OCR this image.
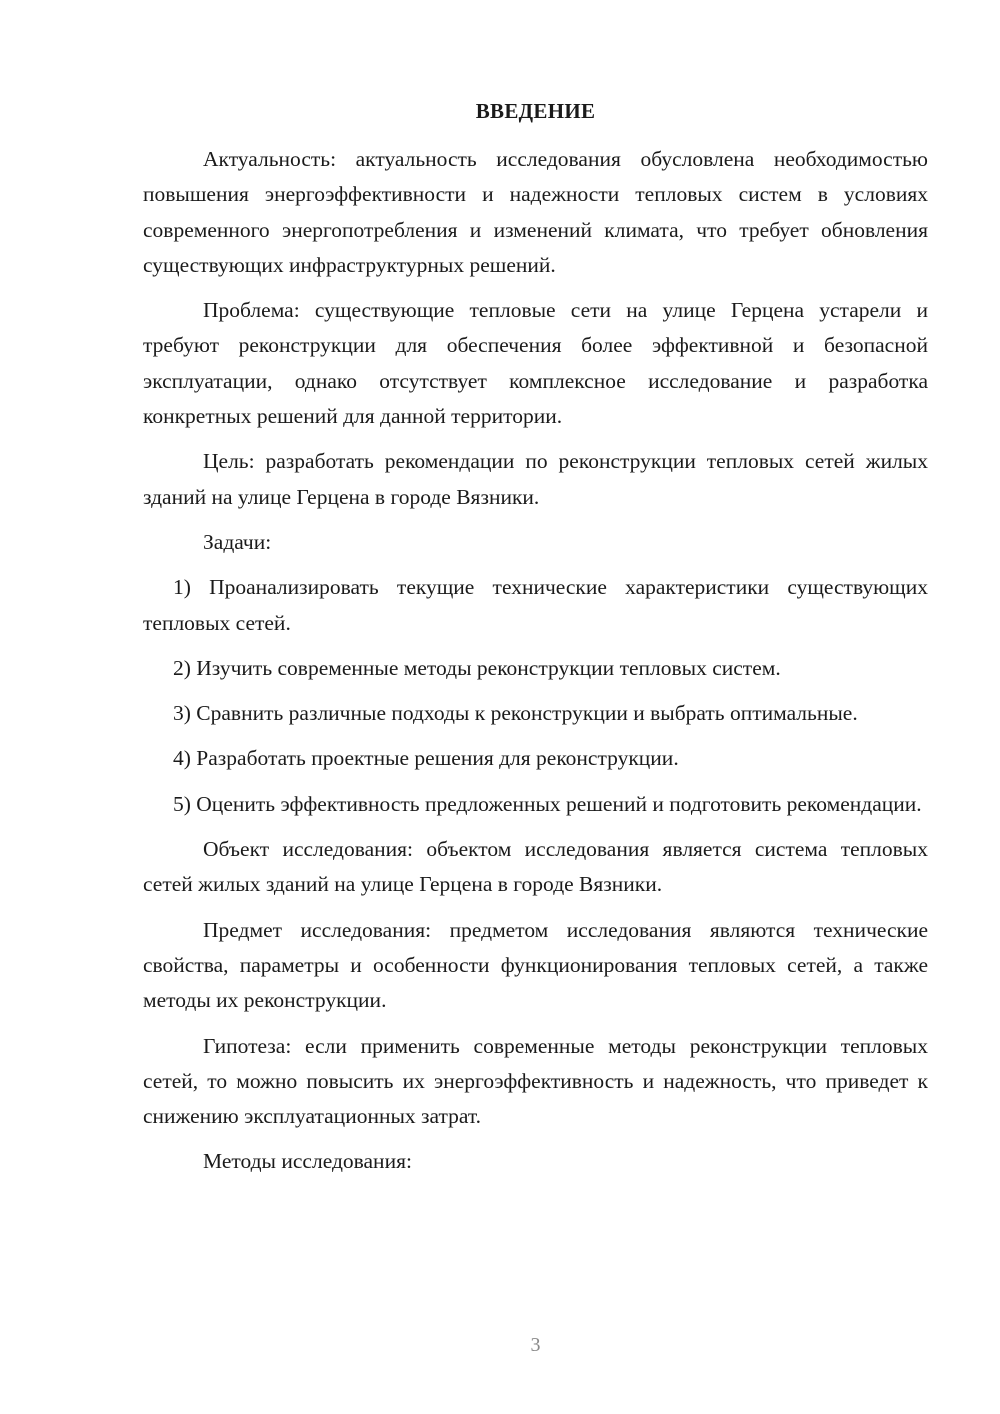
ВВЕДЕНИЕ

Актуальность: актуальность исследования обусловлена необходимостью повышения энергоэффективности и надежности тепловых систем в условиях современного энергопотребления и изменений климата, что требует обновления существующих инфраструктурных решений.

Проблема: существующие тепловые сети на улице Герцена устарели и требуют реконструкции для обеспечения более эффективной и безопасной эксплуатации, однако отсутствует комплексное исследование и разработка конкретных решений для данной территории.

Цель: разработать рекомендации по реконструкции тепловых сетей жилых зданий на улице Герцена в городе Вязники.

Задачи:

1) Проанализировать текущие технические характеристики существующих тепловых сетей.

2) Изучить современные методы реконструкции тепловых систем.

3) Сравнить различные подходы к реконструкции и выбрать оптимальные.

4) Разработать проектные решения для реконструкции.

5) Оценить эффективность предложенных решений и подготовить рекомендации.

Объект исследования: объектом исследования является система тепловых сетей жилых зданий на улице Герцена в городе Вязники.

Предмет исследования: предметом исследования являются технические свойства, параметры и особенности функционирования тепловых сетей, а также методы их реконструкции.

Гипотеза: если применить современные методы реконструкции тепловых сетей, то можно повысить их энергоэффективность и надежность, что приведет к снижению эксплуатационных затрат.

Методы исследования:

3
